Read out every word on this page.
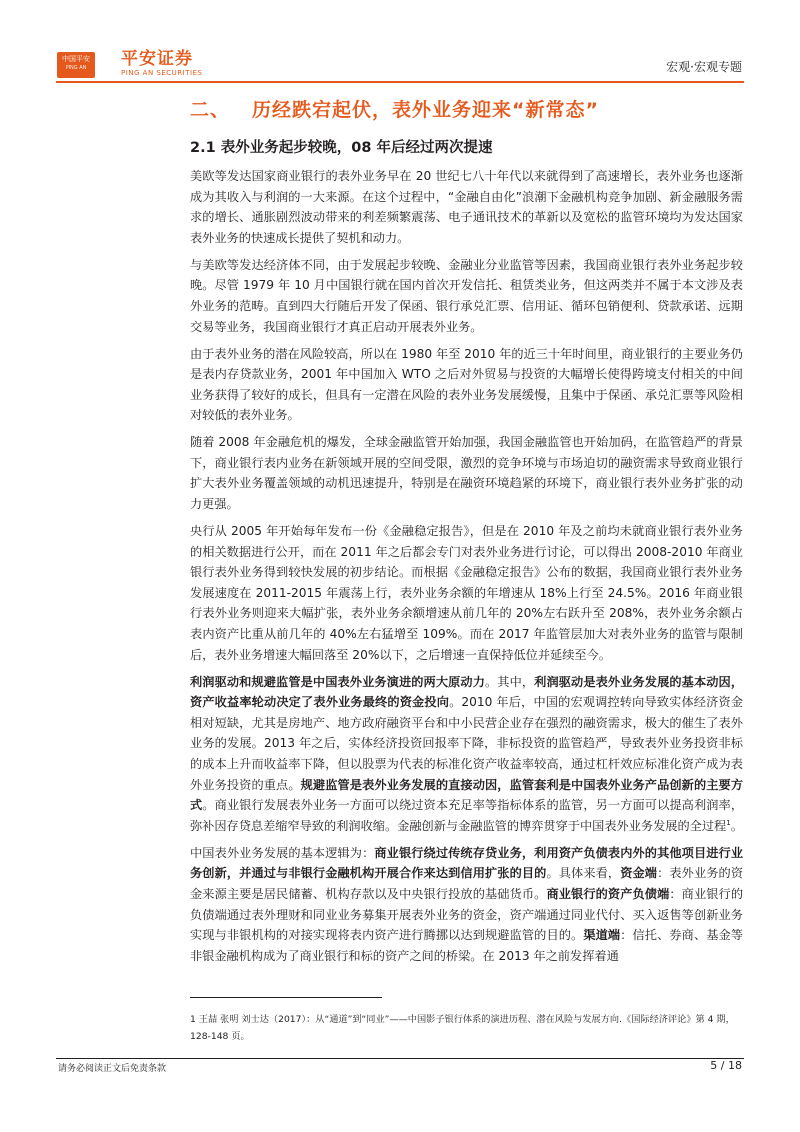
中国平安
PING AN	平安证券
PING AN SECURITIES	宏观·宏观专题
二、 历经跌宕起伏，表外业务迎来“新常态”
2.1 表外业务起步较晚，08 年后经过两次提速

美欧等发达国家商业银行的表外业务早在 20 世纪七八十年代以来就得到了高速增长，表外业务也逐渐成为其收入与利润的一大来源。在这个过程中，“金融自由化”浪潮下金融机构竞争加剧、新金融服务需求的增长、通胀剧烈波动带来的利差频繁震荡、电子通讯技术的革新以及宽松的监管环境均为发达国家表外业务的快速成长提供了契机和动力。

与美欧等发达经济体不同，由于发展起步较晚、金融业分业监管等因素，我国商业银行表外业务起步较晚。尽管 1979 年 10 月中国银行就在国内首次开发信托、租赁类业务，但这两类并不属于本文涉及表外业务的范畴。直到四大行随后开发了保函、银行承兑汇票、信用证、循环包销便利、贷款承诺、远期交易等业务，我国商业银行才真正启动开展表外业务。

由于表外业务的潜在风险较高，所以在 1980 年至 2010 年的近三十年时间里，商业银行的主要业务仍是表内存贷款业务，2001 年中国加入 WTO 之后对外贸易与投资的大幅增长使得跨境支付相关的中间业务获得了较好的成长，但具有一定潜在风险的表外业务发展缓慢，且集中于保函、承兑汇票等风险相对较低的表外业务。

随着 2008 年金融危机的爆发，全球金融监管开始加强，我国金融监管也开始加码，在监管趋严的背景下，商业银行表内业务在新领域开展的空间受限，激烈的竞争环境与市场迫切的融资需求导致商业银行扩大表外业务覆盖领域的动机迅速提升，特别是在融资环境趋紧的环境下，商业银行表外业务扩张的动力更强。

央行从 2005 年开始每年发布一份《金融稳定报告》，但是在 2010 年及之前均未就商业银行表外业务的相关数据进行公开，而在 2011 年之后都会专门对表外业务进行讨论，可以得出 2008-2010 年商业银行表外业务得到较快发展的初步结论。而根据《金融稳定报告》公布的数据，我国商业银行表外业务发展速度在 2011-2015 年震荡上行，表外业务余额的年增速从 18%上行至 24.5%。2016 年商业银行表外业务则迎来大幅扩张，表外业务余额增速从前几年的 20%左右跃升至 208%，表外业务余额占表内资产比重从前几年的 40%左右猛增至 109%。而在 2017 年监管层加大对表外业务的监管与限制后，表外业务增速大幅回落至 20%以下，之后增速一直保持低位并延续至今。

利润驱动和规避监管是中国表外业务演进的两大原动力。其中，利润驱动是表外业务发展的基本动因，资产收益率轮动决定了表外业务最终的资金投向。2010 年后，中国的宏观调控转向导致实体经济资金相对短缺，尤其是房地产、地方政府融资平台和中小民营企业存在强烈的融资需求，极大的催生了表外业务的发展。2013 年之后，实体经济投资回报率下降，非标投资的监管趋严，导致表外业务投资非标的成本上升而收益率下降，但以股票为代表的标准化资产收益率较高，通过杠杆效应标准化资产成为表外业务投资的重点。规避监管是表外业务发展的直接动因，监管套利是中国表外业务产品创新的主要方式。商业银行发展表外业务一方面可以绕过资本充足率等指标体系的监管，另一方面可以提高利润率，弥补因存贷息差缩窄导致的利润收缩。金融创新与金融监管的博弈贯穿于中国表外业务发展的全过程$^1$。

中国表外业务发展的基本逻辑为：商业银行绕过传统存贷业务，利用资产负债表内外的其他项目进行业务创新，并通过与非银行金融机构开展合作来达到信用扩张的目的。具体来看，资金端：表外业务的资金来源主要是居民储蓄、机构存款以及中央银行投放的基础货币。商业银行的资产负债端：商业银行的负债端通过表外理财和同业业务募集开展表外业务的资金，资产端通过同业代付、买入返售等创新业务实现与非银机构的对接实现将表内资产进行腾挪以达到规避监管的目的。渠道端：信托、券商、基金等非银金融机构成为了商业银行和标的资产之间的桥梁。在 2013 年之前发挥着通

1 王喆 张明 刘士达（2017）：从“通道”到“同业”——中国影子银行体系的演进历程、潜在风险与发展方向.《国际经济评论》第 4 期，128-148 页。
请务必阅读正文后免责条款	5 / 18
